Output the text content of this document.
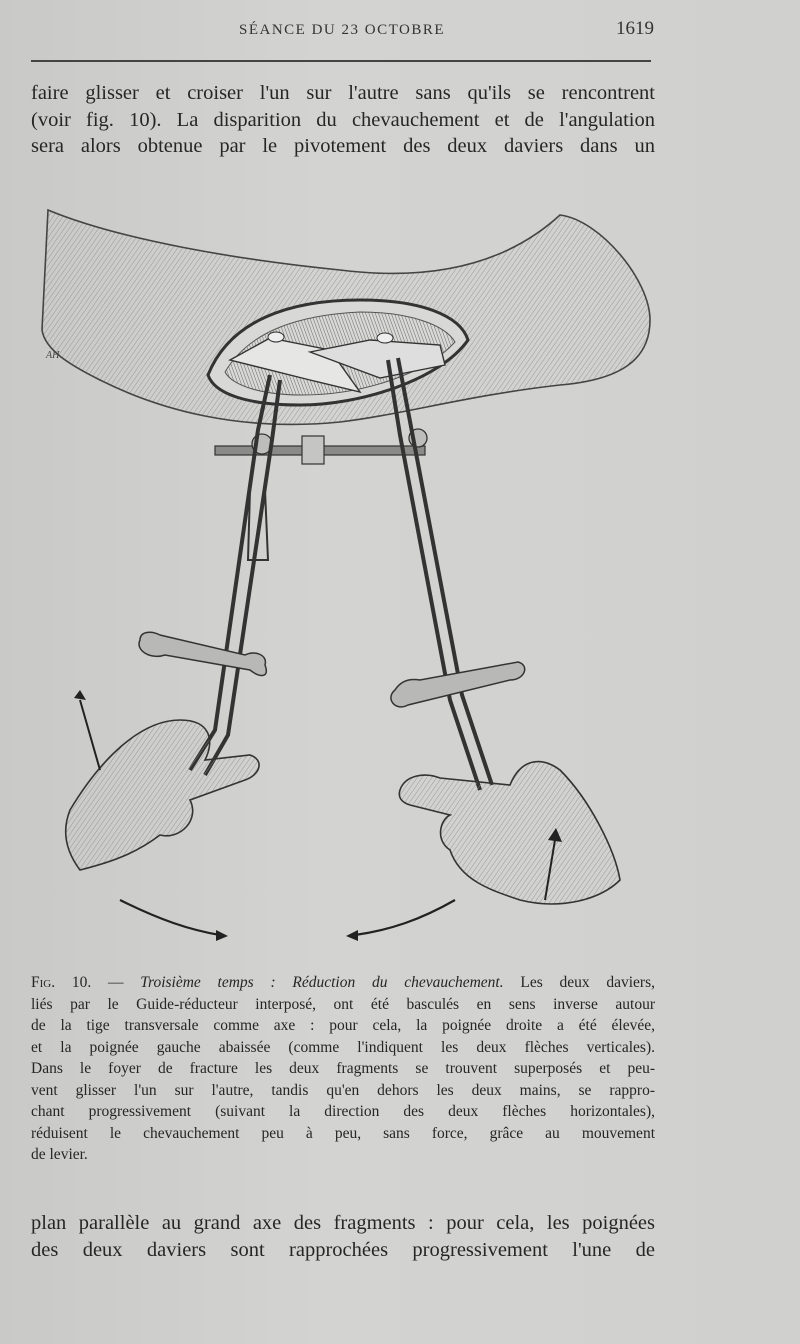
SÉANCE DU 23 OCTOBRE	1619
faire glisser et croiser l'un sur l'autre sans qu'ils se rencontrent
(voir fig. 10). La disparition du chevauchement et de l'angulation
sera alors obtenue par le pivotement des deux daviers dans un
AH
Fig. 10. — Troisième temps : Réduction du chevauchement. Les deux daviers,
liés par le Guide-réducteur interposé, ont été basculés en sens inverse autour
de la tige transversale comme axe : pour cela, la poignée droite a été élevée,
et la poignée gauche abaissée (comme l'indiquent les deux flèches verticales).
Dans le foyer de fracture les deux fragments se trouvent superposés et peu-
vent glisser l'un sur l'autre, tandis qu'en dehors les deux mains, se rappro-
chant progressivement (suivant la direction des deux flèches horizontales),
réduisent le chevauchement peu à peu, sans force, grâce au mouvement
de levier.
plan parallèle au grand axe des fragments : pour cela, les poignées
des deux daviers sont rapprochées progressivement l'une de
